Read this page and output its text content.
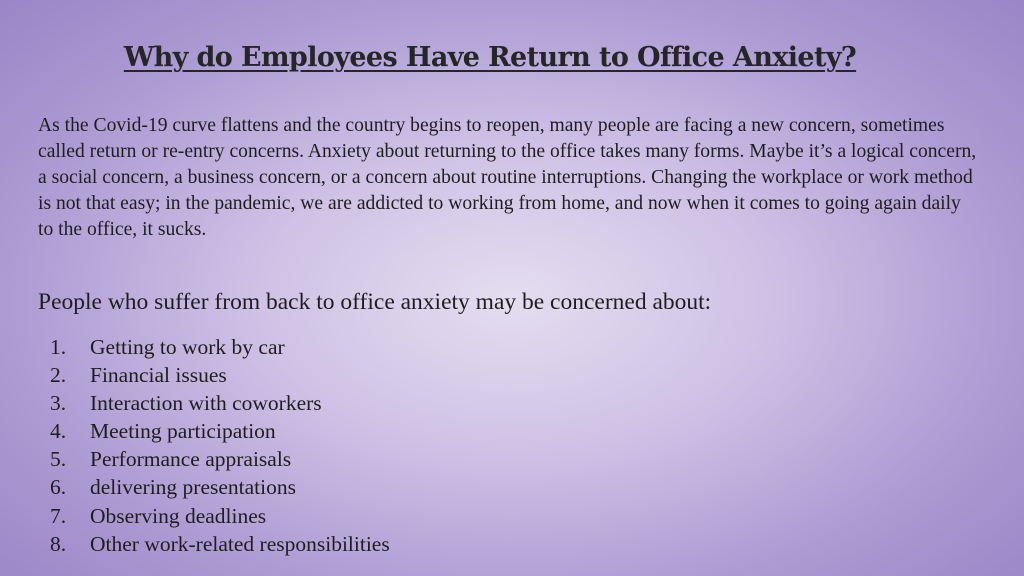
Why do Employees Have Return to Office Anxiety?

As the Covid-19 curve flattens and the country begins to reopen, many people are facing a new concern, sometimes called return or re-entry concerns. Anxiety about returning to the office takes many forms. Maybe it’s a logical concern, a social concern, a business concern, or a concern about routine interruptions. Changing the workplace or work method is not that easy; in the pandemic, we are addicted to working from home, and now when it comes to going again daily to the office, it sucks.

People who suffer from back to office anxiety may be concerned about:

1.	Getting to work by car
2.	Financial issues
3.	Interaction with coworkers
4.	Meeting participation
5.	Performance appraisals
6.	delivering presentations
7.	Observing deadlines
8.	Other work-related responsibilities
